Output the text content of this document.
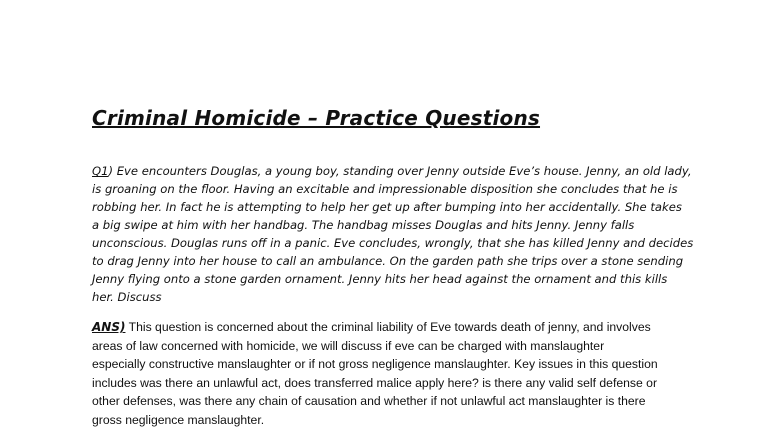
Criminal Homicide – Practice Questions
Q1) Eve encounters Douglas, a young boy, standing over Jenny outside Eve’s house. Jenny, an old lady,
is groaning on the floor. Having an excitable and impressionable disposition she concludes that he is
robbing her. In fact he is attempting to help her get up after bumping into her accidentally. She takes
a big swipe at him with her handbag. The handbag misses Douglas and hits Jenny. Jenny falls
unconscious. Douglas runs off in a panic. Eve concludes, wrongly, that she has killed Jenny and decides
to drag Jenny into her house to call an ambulance. On the garden path she trips over a stone sending
Jenny flying onto a stone garden ornament. Jenny hits her head against the ornament and this kills
her. Discuss
ANS) This question is concerned about the criminal liability of Eve towards death of jenny, and involves
areas of law concerned with homicide, we will discuss if eve can be charged with manslaughter
especially constructive manslaughter or if not gross negligence manslaughter. Key issues in this question
includes was there an unlawful act, does transferred malice apply here? is there any valid self defense or
other defenses, was there any chain of causation and whether if not unlawful act manslaughter is there
gross negligence manslaughter.
